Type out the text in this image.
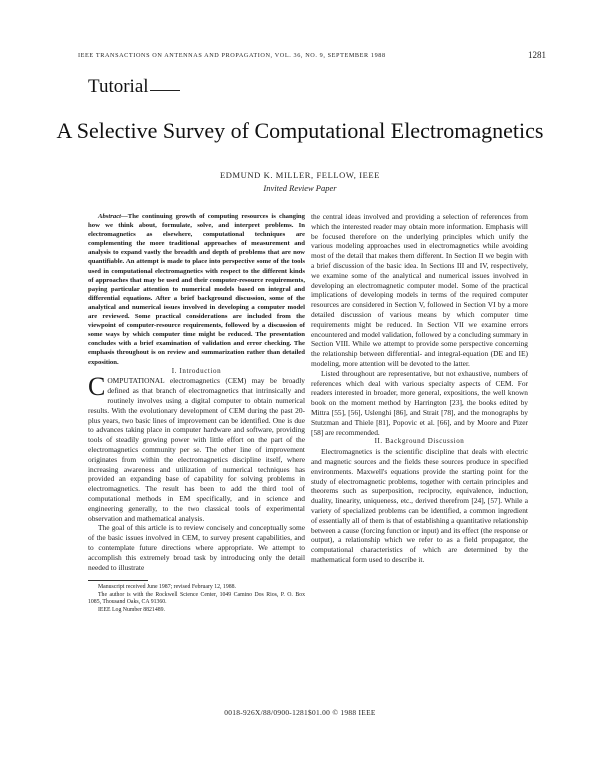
IEEE TRANSACTIONS ON ANTENNAS AND PROPAGATION, VOL. 36, NO. 9, SEPTEMBER 1988	1281
Tutorial
A Selective Survey of Computational Electromagnetics
EDMUND K. MILLER, FELLOW, IEEE
Invited Review Paper

Abstract—The continuing growth of computing resources is changing how we think about, formulate, solve, and interpret problems. In electromagnetics as elsewhere, computational techniques are complementing the more traditional approaches of measurement and analysis to expand vastly the breadth and depth of problems that are now quantifiable. An attempt is made to place into perspective some of the tools used in computational electromagnetics with respect to the different kinds of approaches that may be used and their computer-resource requirements, paying particular attention to numerical models based on integral and differential equations. After a brief background discussion, some of the analytical and numerical issues involved in developing a computer model are reviewed. Some practical considerations are included from the viewpoint of computer-resource requirements, followed by a discussion of some ways by which computer time might be reduced. The presentation concludes with a brief examination of validation and error checking. The emphasis throughout is on review and summarization rather than detailed exposition.

I. Introduction

COMPUTATIONAL electromagnetics (CEM) may be broadly defined as that branch of electromagnetics that intrinsically and routinely involves using a digital computer to obtain numerical results. With the evolutionary development of CEM during the past 20-plus years, two basic lines of improvement can be identified. One is due to advances taking place in computer hardware and software, providing tools of steadily growing power with little effort on the part of the electromagnetics community per se. The other line of improvement originates from within the electromagnetics discipline itself, where increasing awareness and utilization of numerical techniques has provided an expanding base of capability for solving problems in electromagnetics. The result has been to add the third tool of computational methods in EM specifically, and in science and engineering generally, to the two classical tools of experimental observation and mathematical analysis.

The goal of this article is to review concisely and conceptually some of the basic issues involved in CEM, to survey present capabilities, and to contemplate future directions where appropriate. We attempt to accomplish this extremely broad task by introducing only the detail needed to illustrate

Manuscript received June 1987; revised February 12, 1988.

The author is with the Rockwell Science Center, 1049 Camino Dos Rios, P. O. Box 1085, Thousand Oaks, CA 91360.

IEEE Log Number 8821489.

the central ideas involved and providing a selection of references from which the interested reader may obtain more information. Emphasis will be focused therefore on the underlying principles which unify the various modeling approaches used in electromagnetics while avoiding most of the detail that makes them different. In Section II we begin with a brief discussion of the basic idea. In Sections III and IV, respectively, we examine some of the analytical and numerical issues involved in developing an electromagnetic computer model. Some of the practical implications of developing models in terms of the required computer resources are considered in Section V, followed in Section VI by a more detailed discussion of various means by which computer time requirements might be reduced. In Section VII we examine errors encountered and model validation, followed by a concluding summary in Section VIII. While we attempt to provide some perspective concerning the relationship between differential- and integral-equation (DE and IE) modeling, more attention will be devoted to the latter.

Listed throughout are representative, but not exhaustive, numbers of references which deal with various specialty aspects of CEM. For readers interested in broader, more general, expositions, the well known book on the moment method by Harrington [23], the books edited by Mittra [55], [56], Uslenghi [86], and Strait [78], and the monographs by Stutzman and Thiele [81], Popovic et al. [66], and by Moore and Pizer [58] are recommended.

II. Background Discussion

Electromagnetics is the scientific discipline that deals with electric and magnetic sources and the fields these sources produce in specified environments. Maxwell's equations provide the starting point for the study of electromagnetic problems, together with certain principles and theorems such as superposition, reciprocity, equivalence, induction, duality, linearity, uniqueness, etc., derived therefrom [24], [57]. While a variety of specialized problems can be identified, a common ingredient of essentially all of them is that of establishing a quantitative relationship between a cause (forcing function or input) and its effect (the response or output), a relationship which we refer to as a field propagator, the computational characteristics of which are determined by the mathematical form used to describe it.

0018-926X/88/0900-1281$01.00 © 1988 IEEE
